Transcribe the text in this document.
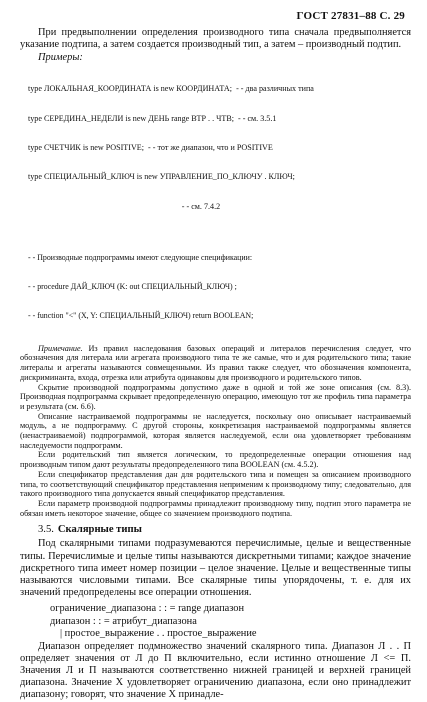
ГОСТ 27831–88 С. 29

При предвыполнении определения производного типа сначала предвыполняется указание подтипа, а затем создается производный тип, а затем – производный подтип.

Примеры:

type ЛОКАЛЬНАЯ_КООРДИНАТА is new КООРДИНАТА;  - - два различных типа

type СЕРЕДИНА_НЕДЕЛИ is new ДЕНЬ range ВТР . . ЧТВ;  - - см. 3.5.1

type СЧЕТЧИК is new POSITIVE;  - - тот же диапазон, что и POSITIVE

type СПЕЦИАЛЬНЫЙ_КЛЮЧ is new УПРАВЛЕНИЕ_ПО_КЛЮЧУ . КЛЮЧ;

- - см. 7.4.2

- - Производные подпрограммы имеют следующие спецификации:

- - procedure ДАЙ_КЛЮЧ (K: out СПЕЦИАЛЬНЫЙ_КЛЮЧ) ;

- - function "<" (X, Y: СПЕЦИАЛЬНЫЙ_КЛЮЧ) return BOOLEAN;

Примечание. Из правил наследования базовых операций и литералов перечисления следует, что обозначения для литерала или агрегата производного типа те же самые, что и для родительского типа; такие литералы и агрегаты называются совмещенными. Из правил также следует, что обозначения компонента, дискриминанта, входа, отрезка или атрибута одинаковы для производного и родительского типов.

Скрытие производной подпрограммы допустимо даже в одной и той же зоне описания (см. 8.3). Производная подпрограмма скрывает предопределенную операцию, имеющую тот же профиль типа параметра и результата (см. 6.6).

Описание настраиваемой подпрограммы не наследуется, поскольку оно описывает настраиваемый модуль, а не подпрограмму. С другой стороны, конкретизация настраиваемой подпрограммы является (ненастраиваемой) подпрограммой, которая является наследуемой, если она удовлетворяет требованиям наследуемости подпрограмм.

Если родительский тип является логическим, то предопределенные операции отношения над производным типом дают результаты предопределенного типа BOOLEAN (см. 4.5.2).

Если спецификатор представления дан для родительского типа и помещен за описанием производного типа, то соответствующий спецификатор представления неприменим к производному типу; следовательно, для такого производного типа допускается явный спецификатор представления.

Если параметр производной подпрограммы принадлежит производному типу, подтип этого параметра не обязан иметь некоторое значение, общее со значением производного подтипа.

3.5. Скалярные типы

Под скалярными типами подразумеваются перечислимые, целые и вещественные типы. Перечислимые и целые типы называются дискретными типами; каждое значение дискретного типа имеет номер позиции – целое значение. Целые и вещественные типы называются числовыми типами. Все скалярные типы упорядочены, т. е. для их значений предопределены все операции отношения.

ограничение_диапазона : : = range диапазон
диапазон : : = атрибут_диапазона
| простое_выражение . . простое_выражение

Диапазон определяет подмножество значений скалярного типа. Диапазон Л . . П определяет значения от Л до П включительно, если истинно отношение Л <= П. Значения Л и П называются соответственно нижней границей и верхней границей диапазона. Значение X удовлетворяет ограничению диапазона, если оно принадлежит диапазону; говорят, что значение X принадле-
